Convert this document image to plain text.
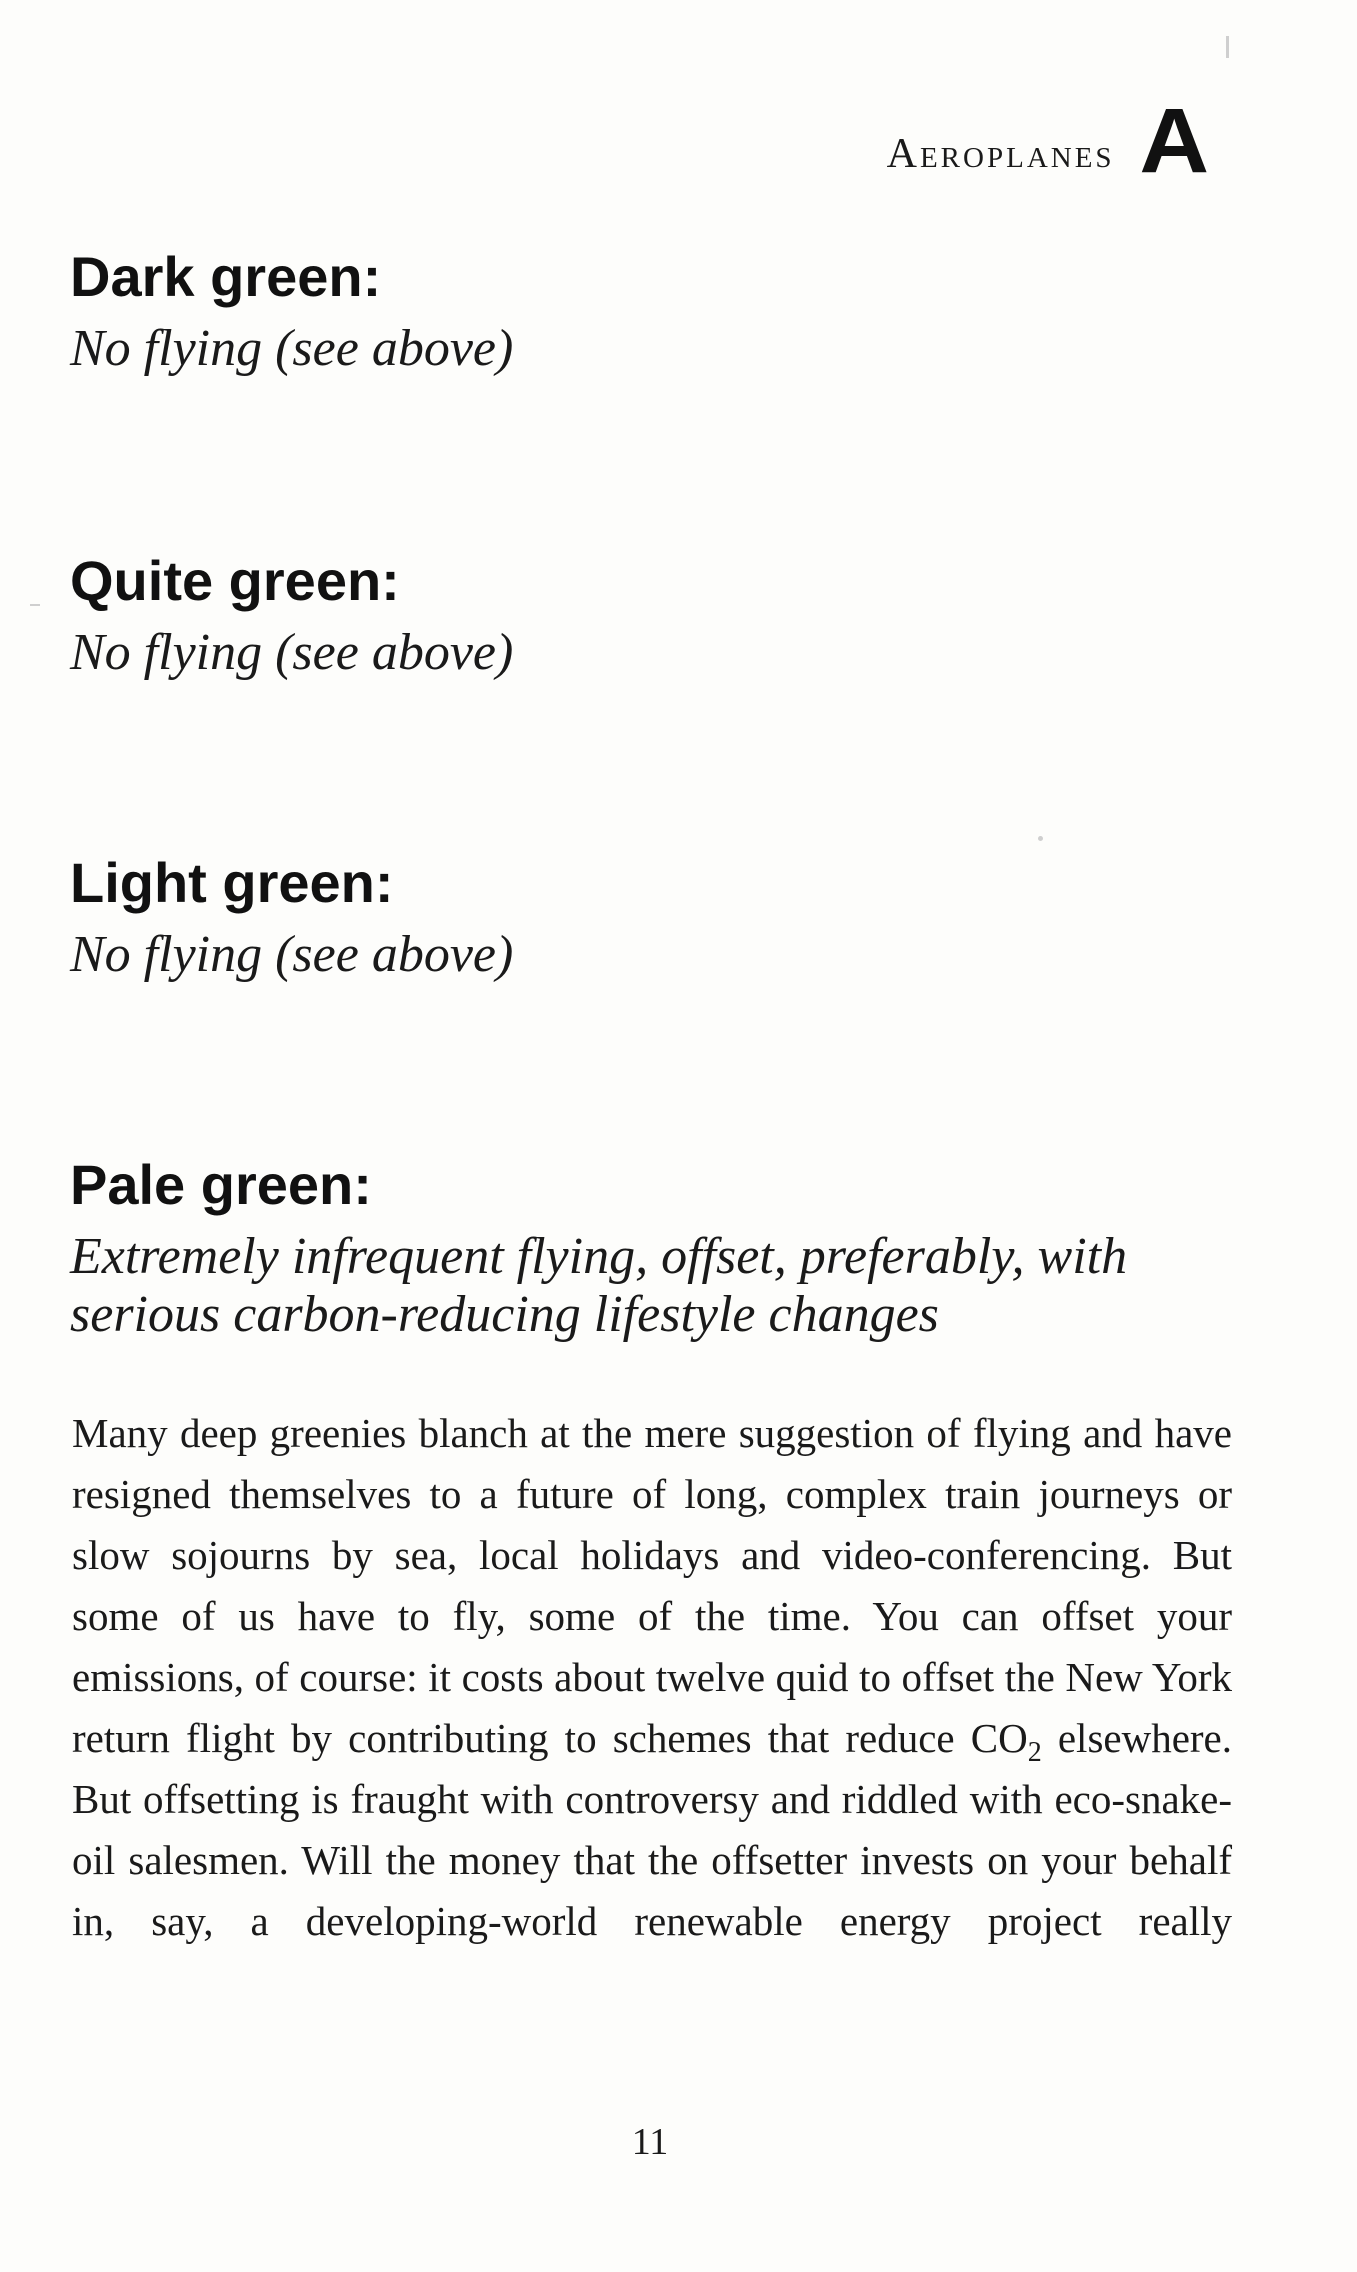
Aeroplanes A
Dark green:

No flying (see above)

Quite green:

No flying (see above)

Light green:

No flying (see above)

Pale green:

Extremely infrequent flying, offset, preferably, with serious carbon-reducing lifestyle changes

Many deep greenies blanch at the mere suggestion of flying and have resigned themselves to a future of long, complex train journeys or slow sojourns by sea, local holidays and video-conferencing. But some of us have to fly, some of the time. You can offset your emissions, of course: it costs about twelve quid to offset the New York return flight by contributing to schemes that reduce $CO_2$ elsewhere. But offsetting is fraught with controversy and riddled with eco-snake-oil salesmen. Will the money that the offsetter invests on your behalf in, say, a developing-world renewable energy project really

11
